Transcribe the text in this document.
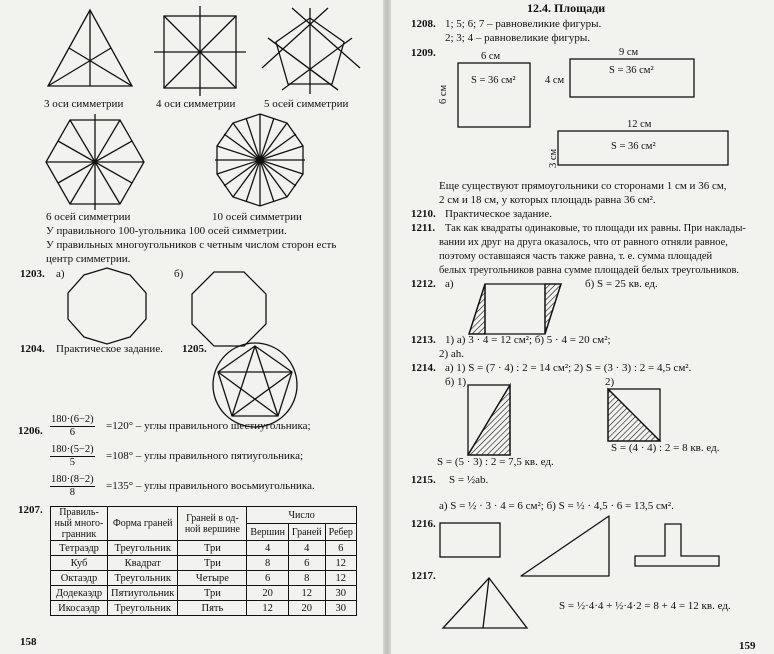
3 оси симметрии	4 оси симметрии	5 осей симметрии
6 осей симметрии	10 осей симметрии
У правильного 100-угольника 100 осей симметрии.
У правильных многоугольников с четным числом сторон есть
центр симметрии.
1203. а)	б)
1204. Практическое задание. 1205.
1206. $\frac{180\cdot(6-2)}{6} =120^\circ$ – углы правильного шестиугольника;
$\frac{180\cdot(5-2)}{5} =108^\circ$ – углы правильного пятиугольника;
$\frac{180\cdot(8-2)}{8} =135^\circ$ – углы правильного восьмиугольника.
1207. Правиль-ный много-гранник	Форма граней	Граней в од-ной вершине	Число		
			Вершин	Граней	Ребер
Тетраэдр	Треугольник	Три	4	4	6
Куб	Квадрат	Три	8	6	12
Октаэдр	Треугольник	Четыре	6	8	12
Додекаэдр	Пятиугольник	Три	20	12	30
Икосаэдр	Треугольник	Пять	12	20	30
158
12.4. Площади
1208. 1; 5; 6; 7 – равновеликие фигуры.
2; 3; 4 – равновеликие фигуры.
1209.	6 см
6 см
S = 36 см²
9 см
4 см
S = 36 см²
12 см
3 см
S = 36 см²
Еще существуют прямоугольники со сторонами 1 см и 36 см,
2 см и 18 см, у которых площадь равна 36 см².
1210. Практическое задание.
1211. Так как квадраты одинаковые, то площади их равны. При наклады-
вании их друг на друга оказалось, что от равного отняли равное,
поэтому оставшаяся часть также равна, т. е. сумма площадей
белых треугольников равна сумме площадей белых треугольников.
1212. а)	б) S = 25 кв. ед.
1213. 1) а) 3 · 4 = 12 см²; б) 5 · 4 = 20 см²;
2) ah.
1214. а) 1) S = (7 · 4) : 2 = 14 см²; 2) S = (3 · 3) : 2 = 4,5 см².
б) 1)	2)
S = (4 · 4) : 2 = 8 кв. ед.
S = (5 · 3) : 2 = 7,5 кв. ед.
1215. S = ½ab.
а) S = ½ · 3 · 4 = 6 см²; б) S = ½ · 4,5 · 6 = 13,5 см².
1216.
1217.
S = ½·4·4 + ½·4·2 = 8 + 4 = 12 кв. ед.
159
